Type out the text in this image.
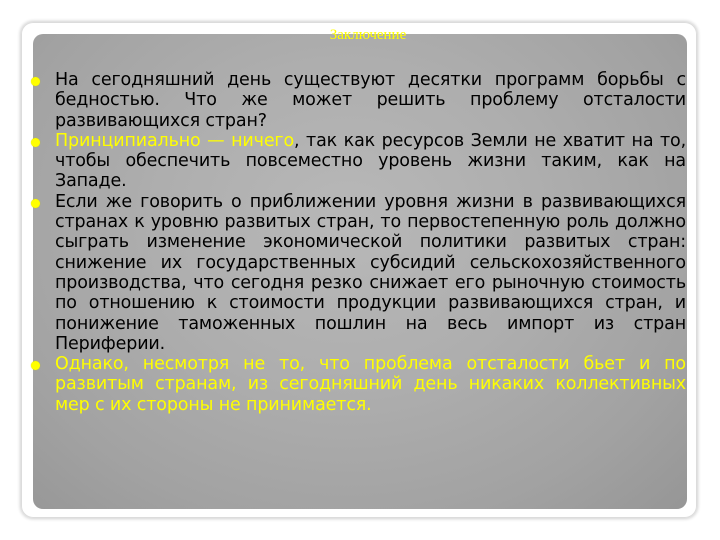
Заключение
На сегодняшний день существуют десятки программ борьбы с бедностью. Что же может решить проблему отсталости развивающихся стран?
Принципиально — ничего, так как ресурсов Земли не хватит на то, чтобы обеспечить повсеместно уровень жизни таким, как на Западе.
Если же говорить о приближении уровня жизни в развивающихся странах к уровню развитых стран, то первостепенную роль должно сыграть изменение экономической политики развитых стран: снижение их государственных субсидий сельскохозяйственного производства, что сегодня резко снижает его рыночную стоимость по отношению к стоимости продукции развивающихся стран, и понижение таможенных пошлин на весь импорт из стран Периферии.
Однако, несмотря не то, что проблема отсталости бьет и по развитым странам, из сегодняшний день никаких коллективных мер с их стороны не принимается.
